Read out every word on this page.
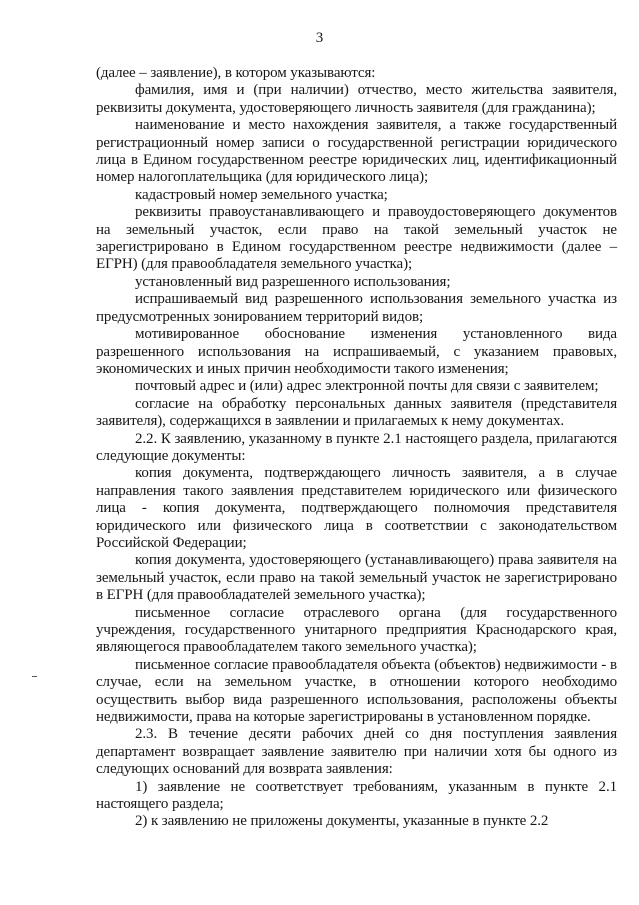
3

(далее – заявление), в котором указываются:

фамилия, имя и (при наличии) отчество, место жительства заявителя, реквизиты документа, удостоверяющего личность заявителя (для гражданина);

наименование и место нахождения заявителя, а также государственный регистрационный номер записи о государственной регистрации юридического лица в Едином государственном реестре юридических лиц, идентификационный номер налогоплательщика (для юридического лица);

кадастровый номер земельного участка;

реквизиты правоустанавливающего и правоудостоверяющего документов на земельный участок, если право на такой земельный участок не зарегистрировано в Едином государственном реестре недвижимости (далее – ЕГРН) (для правообладателя земельного участка);

установленный вид разрешенного использования;

испрашиваемый вид разрешенного использования земельного участка из предусмотренных зонированием территорий видов;

мотивированное обоснование изменения установленного вида разрешенного использования на испрашиваемый, с указанием правовых, экономических и иных причин необходимости такого изменения;

почтовый адрес и (или) адрес электронной почты для связи с заявителем;

согласие на обработку персональных данных заявителя (представителя заявителя), содержащихся в заявлении и прилагаемых к нему документах.

2.2. К заявлению, указанному в пункте 2.1 настоящего раздела, прилагаются следующие документы:

копия документа, подтверждающего личность заявителя, а в случае направления такого заявления представителем юридического или физического лица - копия документа, подтверждающего полномочия представителя юридического или физического лица в соответствии с законодательством Российской Федерации;

копия документа, удостоверяющего (устанавливающего) права заявителя на земельный участок, если право на такой земельный участок не зарегистрировано в ЕГРН (для правообладателей земельного участка);

письменное согласие отраслевого органа (для государственного учреждения, государственного унитарного предприятия Краснодарского края, являющегося правообладателем такого земельного участка);

письменное согласие правообладателя объекта (объектов) недвижимости - в случае, если на земельном участке, в отношении которого необходимо осуществить выбор вида разрешенного использования, расположены объекты недвижимости, права на которые зарегистрированы в установленном порядке.

2.3. В течение десяти рабочих дней со дня поступления заявления департамент возвращает заявление заявителю при наличии хотя бы одного из следующих оснований для возврата заявления:

1) заявление не соответствует требованиям, указанным в пункте 2.1 настоящего раздела;

2) к заявлению не приложены документы, указанные в пункте 2.2
